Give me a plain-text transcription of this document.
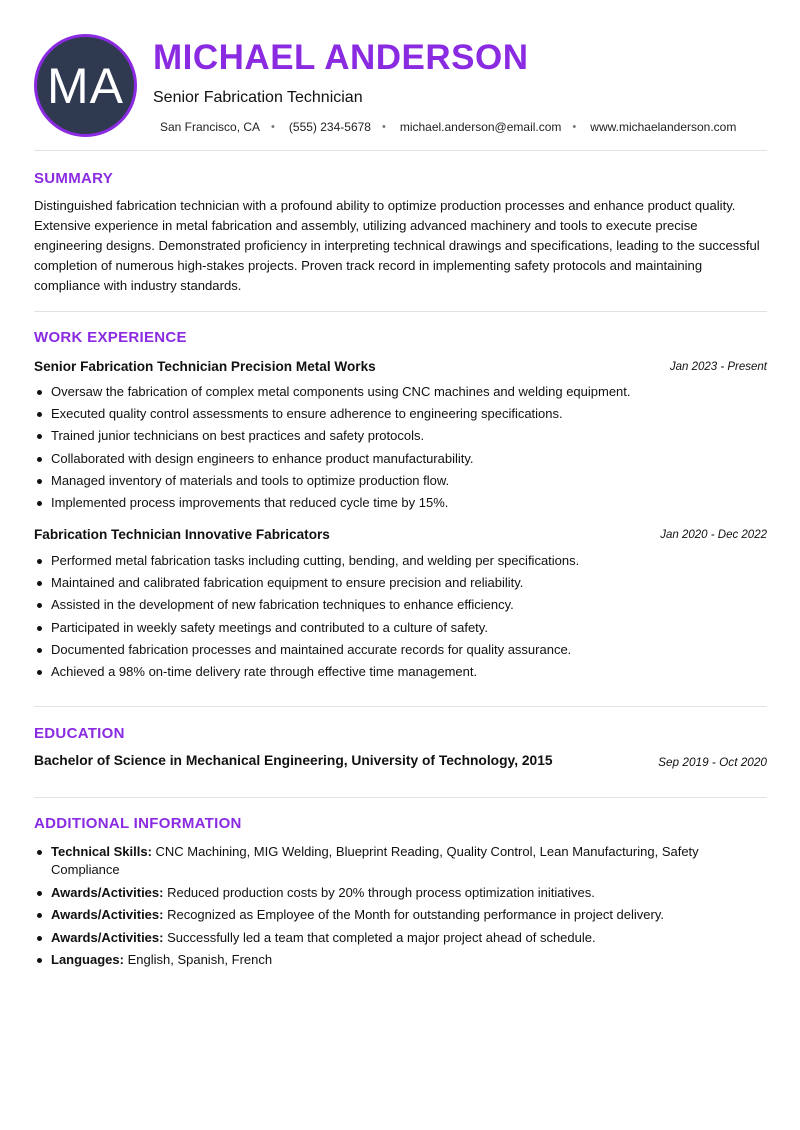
MA MICHAEL ANDERSON
Senior Fabrication Technician
San Francisco, CA • (555) 234-5678 • michael.anderson@email.com • www.michaelanderson.com
SUMMARY
Distinguished fabrication technician with a profound ability to optimize production processes and enhance product quality. Extensive experience in metal fabrication and assembly, utilizing advanced machinery and tools to execute precise engineering designs. Demonstrated proficiency in interpreting technical drawings and specifications, leading to the successful completion of numerous high-stakes projects. Proven track record in implementing safety protocols and maintaining compliance with industry standards.
WORK EXPERIENCE
Senior Fabrication Technician Precision Metal Works	Jan 2023 - Present
Oversaw the fabrication of complex metal components using CNC machines and welding equipment.
Executed quality control assessments to ensure adherence to engineering specifications.
Trained junior technicians on best practices and safety protocols.
Collaborated with design engineers to enhance product manufacturability.
Managed inventory of materials and tools to optimize production flow.
Implemented process improvements that reduced cycle time by 15%.
Fabrication Technician Innovative Fabricators	Jan 2020 - Dec 2022
Performed metal fabrication tasks including cutting, bending, and welding per specifications.
Maintained and calibrated fabrication equipment to ensure precision and reliability.
Assisted in the development of new fabrication techniques to enhance efficiency.
Participated in weekly safety meetings and contributed to a culture of safety.
Documented fabrication processes and maintained accurate records for quality assurance.
Achieved a 98% on-time delivery rate through effective time management.
EDUCATION
Bachelor of Science in Mechanical Engineering, University of Technology, 2015	Sep 2019 - Oct 2020
ADDITIONAL INFORMATION
Technical Skills: CNC Machining, MIG Welding, Blueprint Reading, Quality Control, Lean Manufacturing, Safety Compliance
Awards/Activities: Reduced production costs by 20% through process optimization initiatives.
Awards/Activities: Recognized as Employee of the Month for outstanding performance in project delivery.
Awards/Activities: Successfully led a team that completed a major project ahead of schedule.
Languages: English, Spanish, French
